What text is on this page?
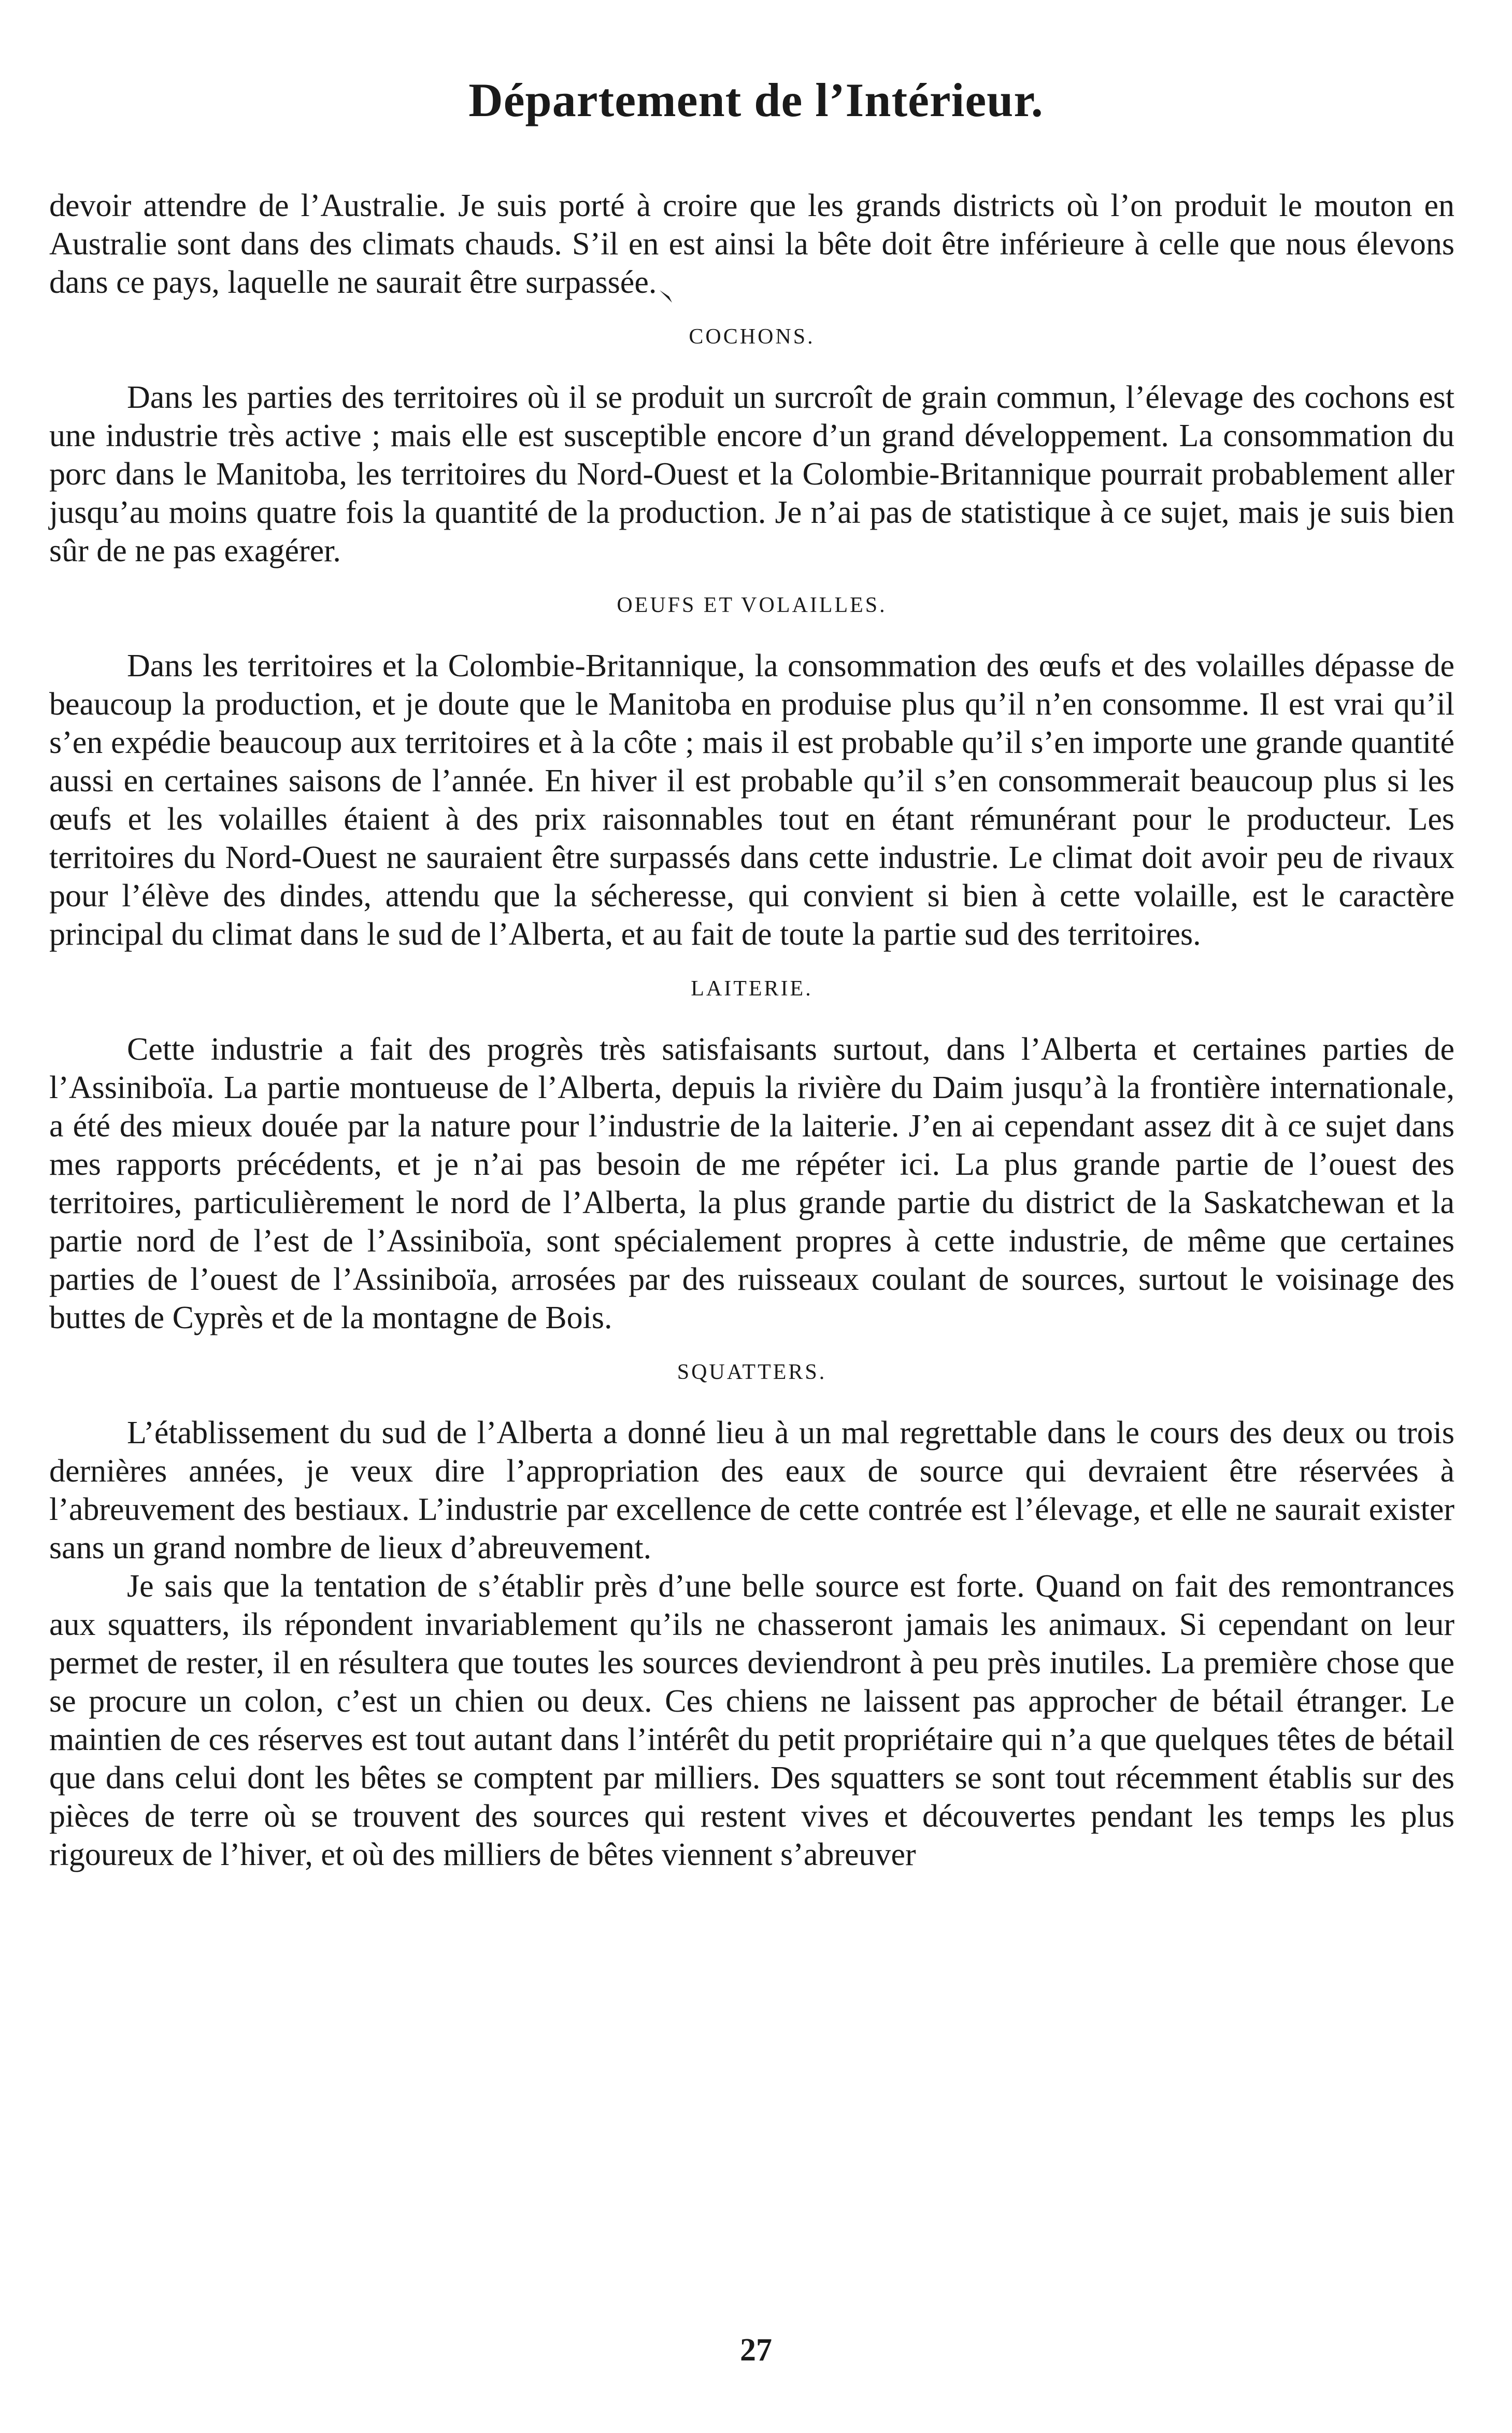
Département de l’Intérieur.

devoir attendre de l’Australie. Je suis porté à croire que les grands districts où l’on produit le mouton en Australie sont dans des climats chauds. S’il en est ainsi la bête doit être inférieure à celle que nous élevons dans ce pays, laquelle ne saurait être surpassée.

COCHONS.

Dans les parties des territoires où il se produit un surcroît de grain commun, l’élevage des cochons est une industrie très active ; mais elle est susceptible encore d’un grand développement. La consommation du porc dans le Manitoba, les territoires du Nord-Ouest et la Colombie-Britannique pourrait probablement aller jusqu’au moins quatre fois la quantité de la production. Je n’ai pas de statistique à ce sujet, mais je suis bien sûr de ne pas exagérer.

OEUFS ET VOLAILLES.

Dans les territoires et la Colombie-Britannique, la consommation des œufs et des volailles dépasse de beaucoup la production, et je doute que le Manitoba en produise plus qu’il n’en consomme. Il est vrai qu’il s’en expédie beaucoup aux territoires et à la côte ; mais il est probable qu’il s’en importe une grande quantité aussi en certaines saisons de l’année. En hiver il est probable qu’il s’en consommerait beaucoup plus si les œufs et les volailles étaient à des prix raisonnables tout en étant rémunérant pour le producteur. Les territoires du Nord-Ouest ne sauraient être surpassés dans cette industrie. Le climat doit avoir peu de rivaux pour l’élève des dindes, attendu que la sécheresse, qui convient si bien à cette volaille, est le caractère principal du climat dans le sud de l’Alberta, et au fait de toute la partie sud des territoires.

LAITERIE.

Cette industrie a fait des progrès très satisfaisants surtout, dans l’Alberta et certaines parties de l’Assiniboïa. La partie montueuse de l’Alberta, depuis la rivière du Daim jusqu’à la frontière internationale, a été des mieux douée par la nature pour l’industrie de la laiterie. J’en ai cependant assez dit à ce sujet dans mes rapports précédents, et je n’ai pas besoin de me répéter ici. La plus grande partie de l’ouest des territoires, particulièrement le nord de l’Alberta, la plus grande partie du district de la Saskatchewan et la partie nord de l’est de l’Assiniboïa, sont spécialement propres à cette industrie, de même que certaines parties de l’ouest de l’Assiniboïa, arrosées par des ruisseaux coulant de sources, surtout le voisinage des buttes de Cyprès et de la montagne de Bois.

SQUATTERS.

L’établissement du sud de l’Alberta a donné lieu à un mal regrettable dans le cours des deux ou trois dernières années, je veux dire l’appropriation des eaux de source qui devraient être réservées à l’abreuvement des bestiaux. L’industrie par excellence de cette contrée est l’élevage, et elle ne saurait exister sans un grand nombre de lieux d’abreuvement.

Je sais que la tentation de s’établir près d’une belle source est forte. Quand on fait des remontrances aux squatters, ils répondent invariablement qu’ils ne chasseront jamais les animaux. Si cependant on leur permet de rester, il en résultera que toutes les sources deviendront à peu près inutiles. La première chose que se procure un colon, c’est un chien ou deux. Ces chiens ne laissent pas approcher de bétail étranger. Le maintien de ces réserves est tout autant dans l’intérêt du petit propriétaire qui n’a que quelques têtes de bétail que dans celui dont les bêtes se comptent par milliers. Des squatters se sont tout récemment établis sur des pièces de terre où se trouvent des sources qui restent vives et découvertes pendant les temps les plus rigoureux de l’hiver, et où des milliers de bêtes viennent s’abreuver

27
